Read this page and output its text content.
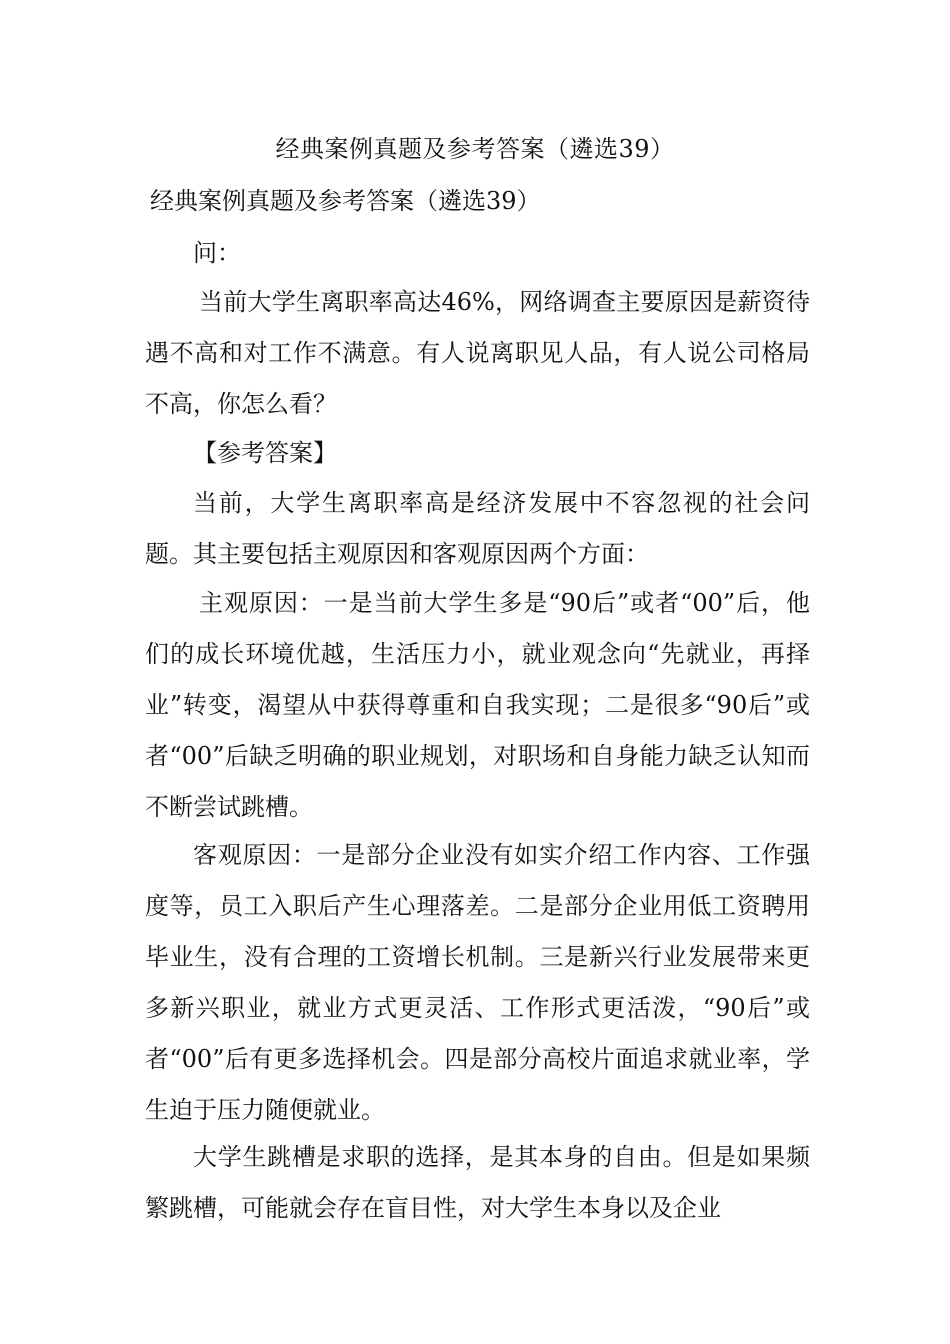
经典案例真题及参考答案（遴选39）
经典案例真题及参考答案（遴选39）

问：

当前大学生离职率高达46%，网络调查主要原因是薪资待遇不高和对工作不满意。有人说离职见人品，有人说公司格局不高，你怎么看？

【参考答案】

当前，大学生离职率高是经济发展中不容忽视的社会问题。其主要包括主观原因和客观原因两个方面：

主观原因：一是当前大学生多是“90后”或者“00”后，他们的成长环境优越，生活压力小，就业观念向“先就业，再择业”转变，渴望从中获得尊重和自我实现；二是很多“90后”或者“00”后缺乏明确的职业规划，对职场和自身能力缺乏认知而不断尝试跳槽。

客观原因：一是部分企业没有如实介绍工作内容、工作强度等，员工入职后产生心理落差。二是部分企业用低工资聘用毕业生，没有合理的工资增长机制。三是新兴行业发展带来更多新兴职业，就业方式更灵活、工作形式更活泼，“90后”或者“00”后有更多选择机会。四是部分高校片面追求就业率，学生迫于压力随便就业。

大学生跳槽是求职的选择，是其本身的自由。但是如果频繁跳槽，可能就会存在盲目性，对大学生本身以及企业
